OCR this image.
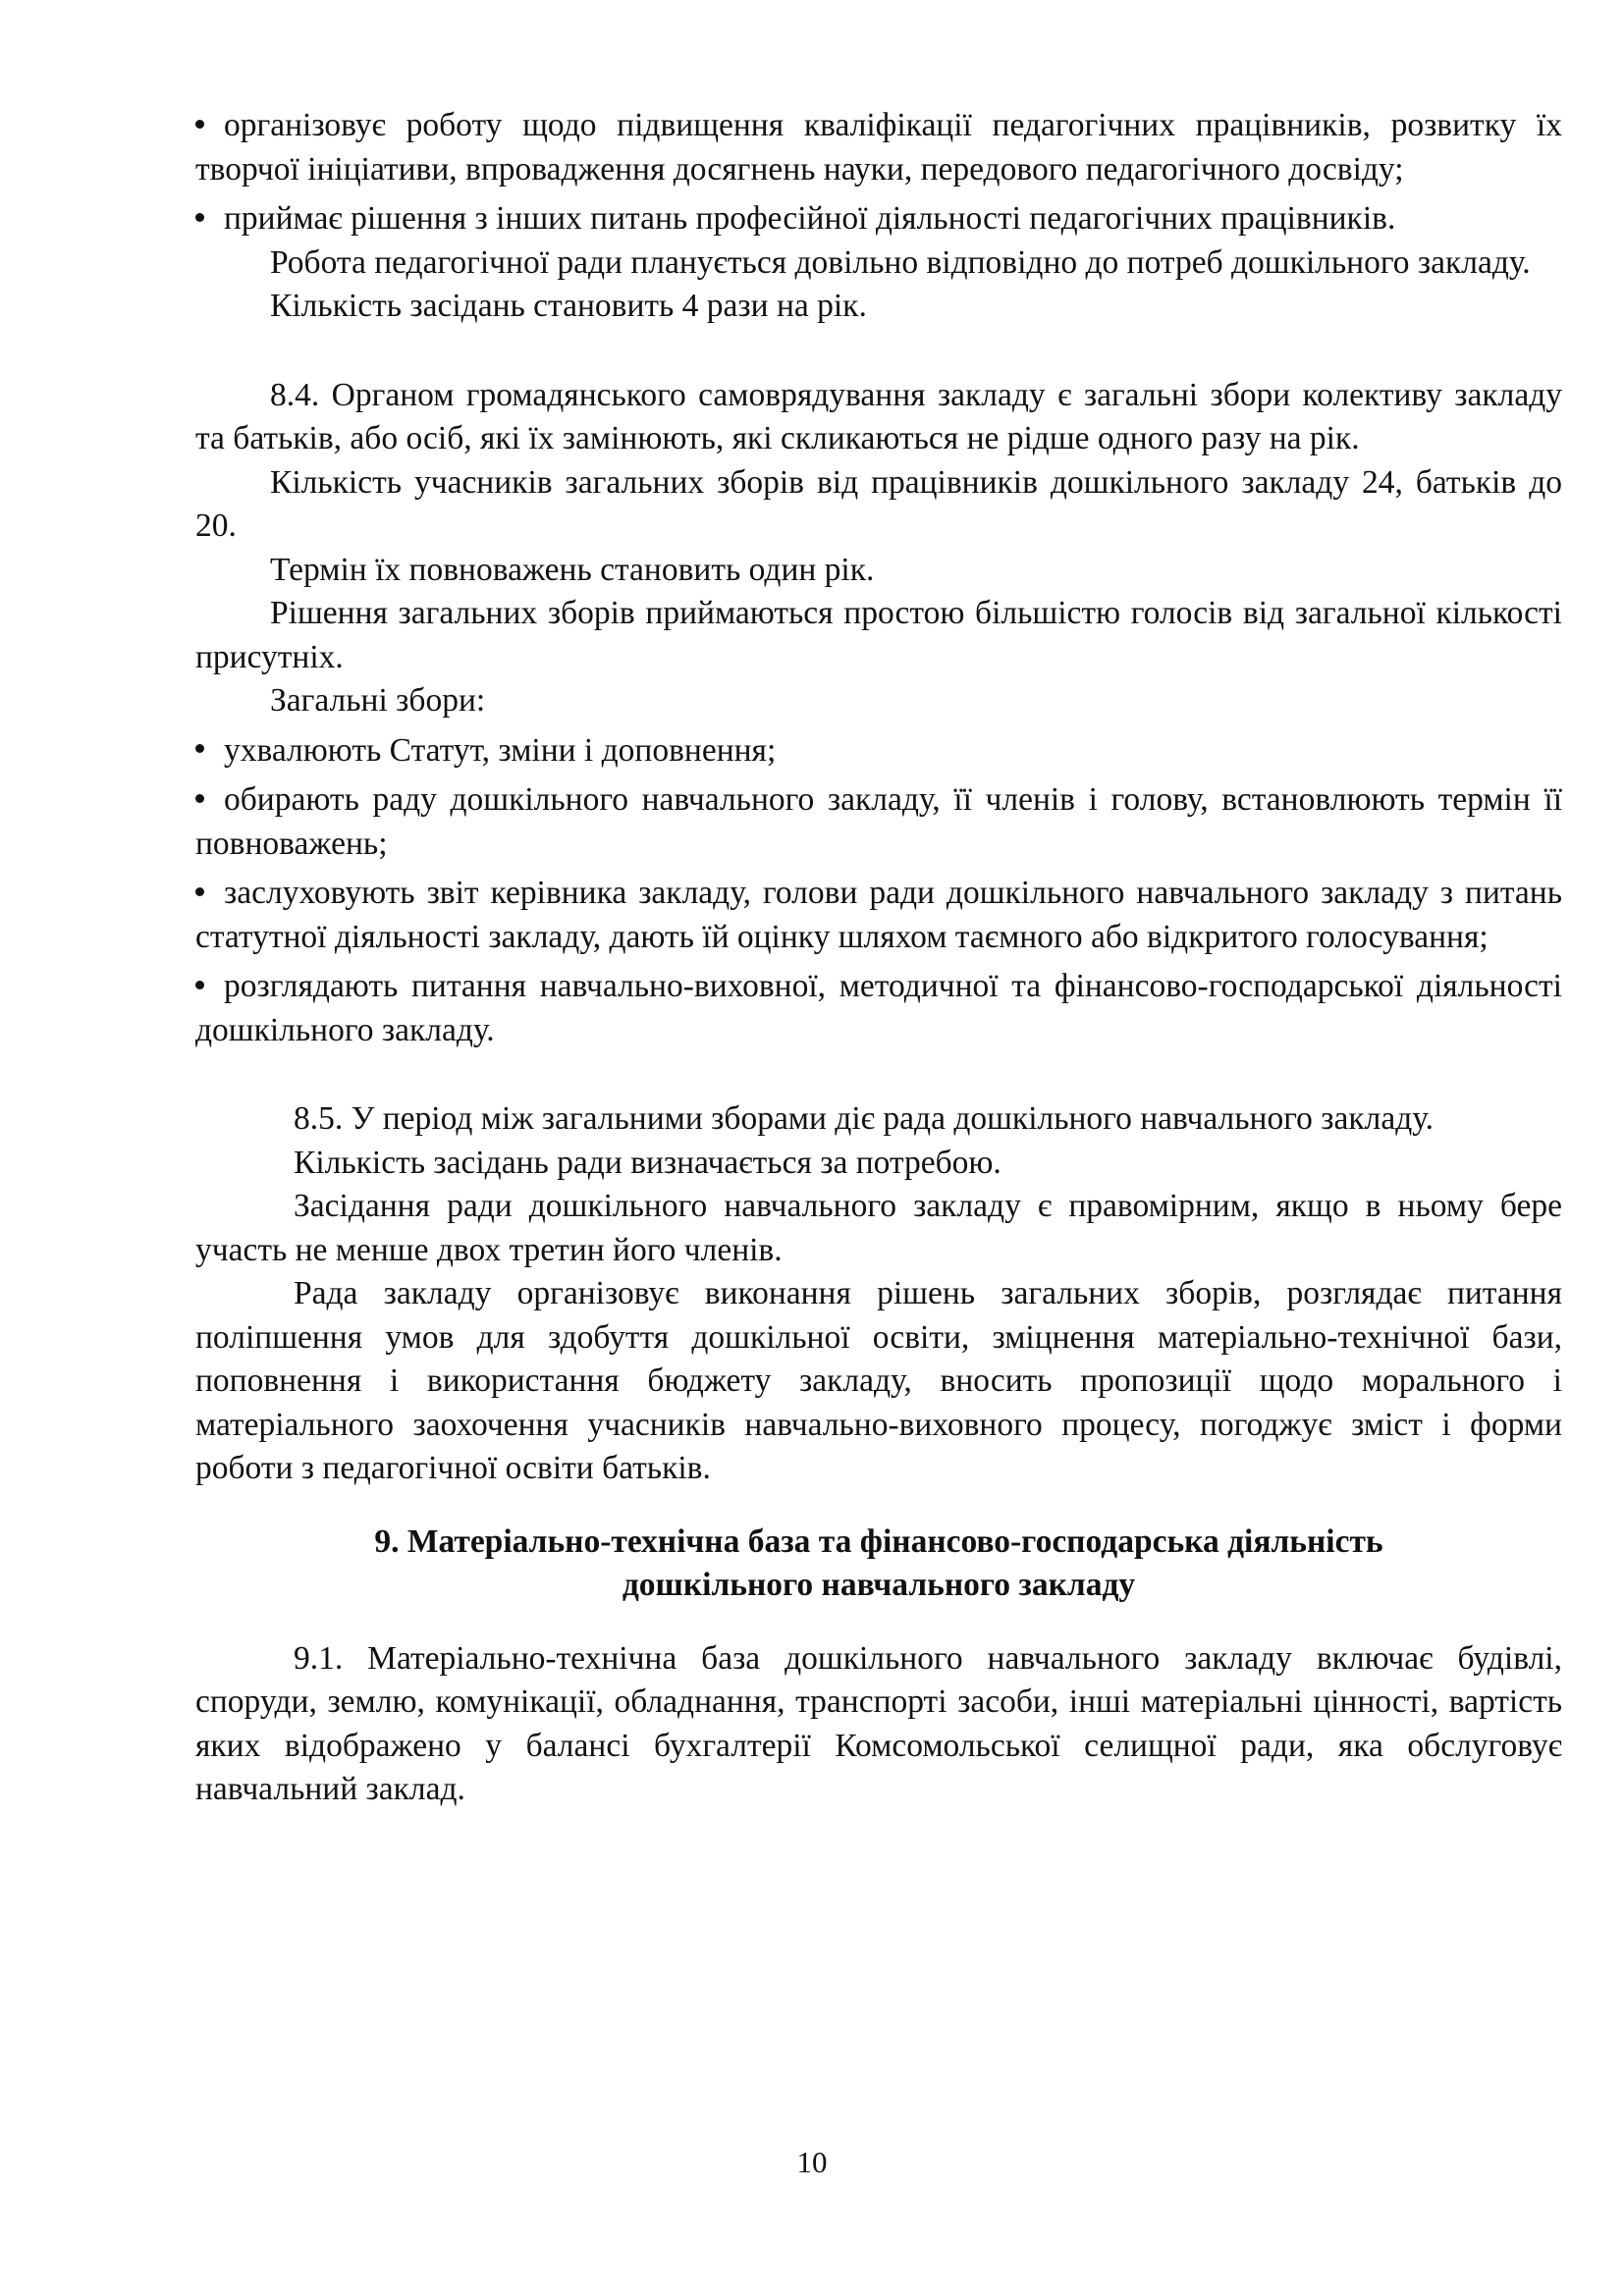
організовує роботу щодо підвищення кваліфікації педагогічних працівників, розвитку їх творчої ініціативи, впровадження досягнень науки, передового педагогічного досвіду;

приймає рішення з інших питань професійної діяльності педагогічних працівників.

Робота педагогічної ради планується довільно відповідно до потреб дошкільного закладу.

Кількість засідань становить 4 рази на рік.

8.4. Органом громадянського самоврядування закладу є загальні збори колективу закладу та батьків, або осіб, які їх замінюють, які скликаються не рідше одного разу на рік.

Кількість учасників загальних зборів від працівників дошкільного закладу 24, батьків до 20.

Термін їх повноважень становить один рік.

Рішення загальних зборів приймаються простою більшістю голосів від загальної кількості присутніх.

Загальні збори:

ухвалюють Статут, зміни і доповнення;

обирають раду дошкільного навчального закладу, її членів і голову, встановлюють термін її повноважень;

заслуховують звіт керівника закладу, голови ради дошкільного навчального закладу з питань статутної діяльності закладу, дають їй оцінку шляхом таємного або відкритого голосування;

розглядають питання навчально-виховної, методичної та фінансово-господарської діяльності дошкільного закладу.

8.5. У період між загальними зборами діє рада дошкільного навчального закладу.

Кількість засідань ради визначається за потребою.

Засідання ради дошкільного навчального закладу є правомірним, якщо в ньому бере участь не менше двох третин його членів.

Рада закладу організовує виконання рішень загальних зборів, розглядає питання поліпшення умов для здобуття дошкільної освіти, зміцнення матеріально-технічної бази, поповнення і використання бюджету закладу, вносить пропозиції щодо морального і матеріального заохочення учасників навчально-виховного процесу, погоджує зміст і форми роботи з педагогічної освіти батьків.

9. Матеріально-технічна база та фінансово-господарська діяльність

дошкільного навчального закладу

9.1. Матеріально-технічна база дошкільного навчального закладу включає будівлі, споруди, землю, комунікації, обладнання, транспорті засоби, інші матеріальні цінності, вартість яких відображено у балансі бухгалтерії Комсомольської селищної ради, яка обслуговує навчальний заклад.

10
